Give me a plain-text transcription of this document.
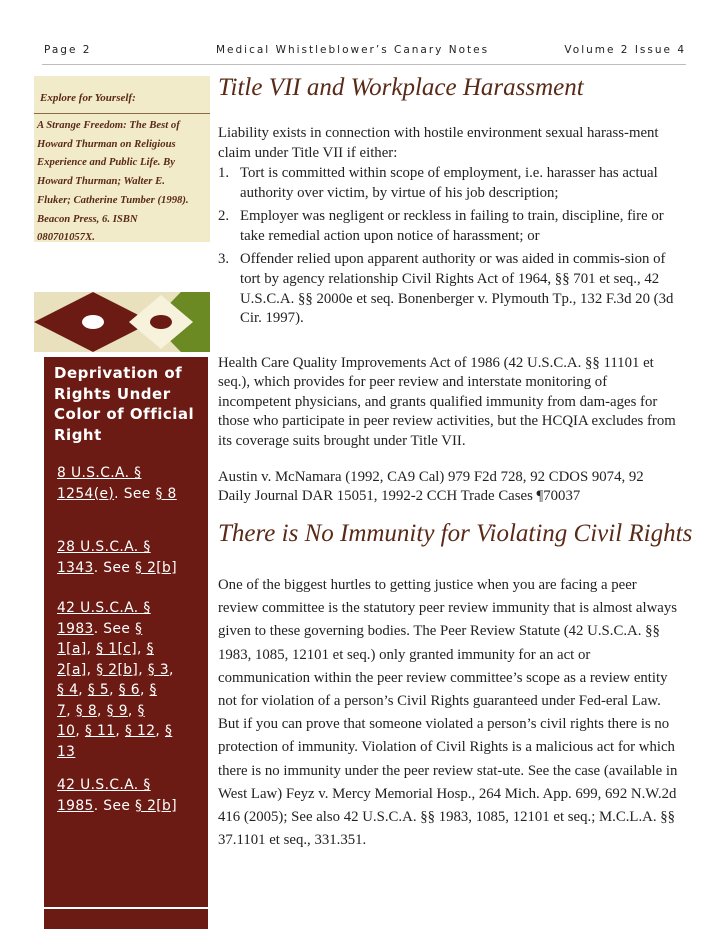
Page 2	Medical Whistleblower’s Canary Notes	Volume 2 Issue 4
Explore for Yourself:
A Strange Freedom: The Best of
Howard Thurman on Religious
Experience and Public Life. By
Howard Thurman; Walter E.
Fluker; Catherine Tumber (1998).
Beacon Press, 6. ISBN
080701057X.
Deprivation of
Rights Under
Color of Official
Right
8 U.S.C.A. §
1254(e). See § 8
28 U.S.C.A. §
1343. See § 2[b]
42 U.S.C.A. §
1983. See §
1[a], § 1[c], §
2[a], § 2[b], § 3,
§ 4, § 5, § 6, §
7, § 8, § 9, §
10, § 11, § 12, §
13
42 U.S.C.A. §
1985. See § 2[b]
Title VII and Workplace Harassment

Liability exists in connection with hostile environment sexual harass-ment claim under Title VII if either:

1. Tort is committed within scope of employment, i.e. harasser has actual authority over victim, by virtue of his job description;
2. Employer was negligent or reckless in failing to train, discipline, fire or take remedial action upon notice of harassment; or
3. Offender relied upon apparent authority or was aided in commis-sion of tort by agency relationship Civil Rights Act of 1964, §§ 701 et seq., 42 U.S.C.A. §§ 2000e et seq. Bonenberger v. Plymouth Tp., 132 F.3d 20 (3d Cir. 1997).

Health Care Quality Improvements Act of 1986 (42 U.S.C.A. §§ 11101 et seq.), which provides for peer review and interstate monitoring of incompetent physicians, and grants qualified immunity from dam-ages for those who participate in peer review activities, but the HCQIA excludes from its coverage suits brought under Title VII.

Austin v. McNamara (1992, CA9 Cal) 979 F2d 728, 92 CDOS 9074, 92 Daily Journal DAR 15051, 1992-2 CCH Trade Cases ¶70037

There is No Immunity for Violating Civil Rights

One of the biggest hurtles to getting justice when you are facing a peer review committee is the statutory peer review immunity that is almost always given to these governing bodies. The Peer Review Statute (42 U.S.C.A. §§ 1983, 1085, 12101 et seq.) only granted immunity for an act or communication within the peer review committee’s scope as a review entity not for violation of a person’s Civil Rights guaranteed under Fed-eral Law. But if you can prove that someone violated a person’s civil rights there is no protection of immunity. Violation of Civil Rights is a malicious act for which there is no immunity under the peer review stat-ute. See the case (available in West Law) Feyz v. Mercy Memorial Hosp., 264 Mich. App. 699, 692 N.W.2d 416 (2005); See also 42 U.S.C.A. §§ 1983, 1085, 12101 et seq.; M.C.L.A. §§ 37.1101 et seq., 331.351.
